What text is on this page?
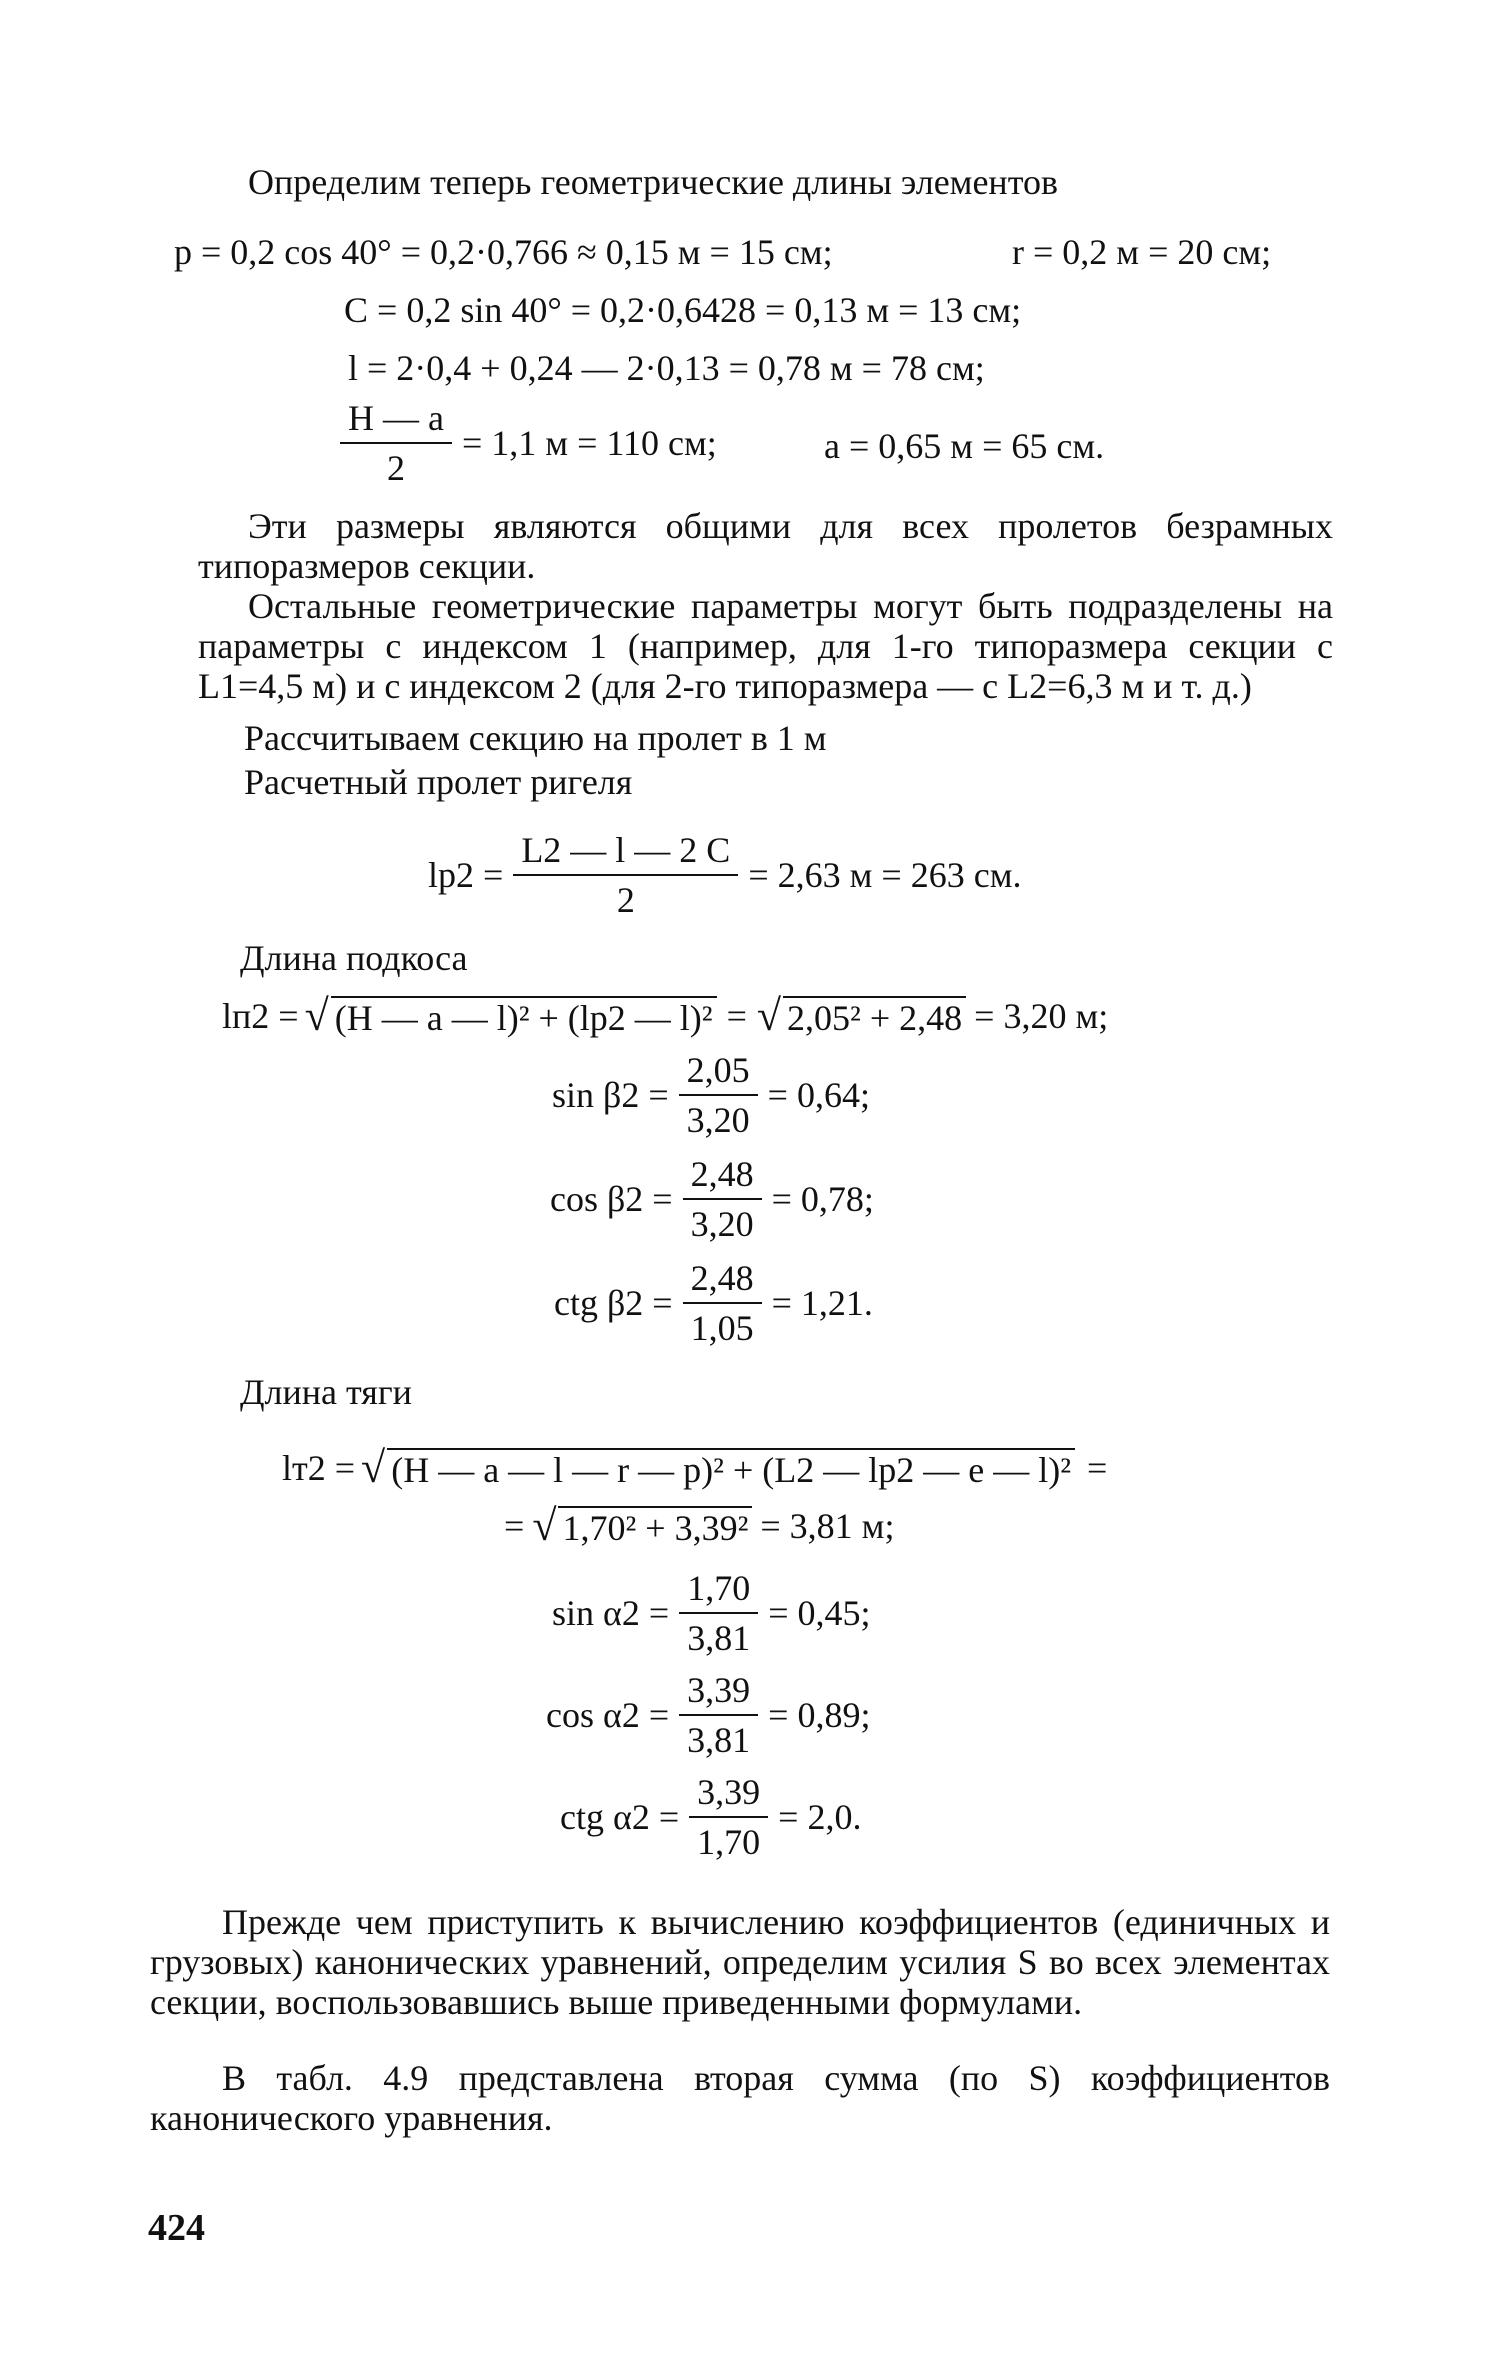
Определим теперь геометрические длины элементов
p = 0,2 cos 40° = 0,2·0,766 ≈ 0,15 м = 15 см;	r = 0,2 м = 20 см;
C = 0,2 sin 40° = 0,2·0,6428 = 0,13 м = 13 см;
l = 2·0,4 + 0,24 — 2·0,13 = 0,78 м = 78 см;
$\frac{H — a}{2} = 1,1$ м = 110 см;	a = 0,65 м = 65 см.
Эти размеры являются общими для всех пролетов безрамных типоразмеров секции.
Остальные геометрические параметры могут быть подразделены на параметры с индексом 1 (например, для 1-го типоразмера секции с L1=4,5 м) и с индексом 2 (для 2-го типоразмера — с L2=6,3 м и т. д.)
Рассчитываем секцию на пролет в 1 м
Расчетный пролет ригеля
$lp2 = \frac{L2 — l — 2 C}{2} = 2,63$ м = 263 см.
Длина подкоса
lп2 = √ (H — a — l)² + (lp2 — l)² = √ 2,05² + 2,48 = 3,20 м;
$\sin \beta 2 = \frac{2,05}{3,20} = 0,64$;
$\cos \beta 2 = \frac{2,48}{3,20} = 0,78$;
ctg $\beta 2 = \frac{2,48}{1,05} = 1,21$.
Длина тяги
lт2 = √ (H — a — l — r — p)² + (L2 — lp2 — e — l)² =
= √ 1,70² + 3,39² = 3,81 м;
$\sin \alpha 2 = \frac{1,70}{3,81} = 0,45$;
$\cos \alpha 2 = \frac{3,39}{3,81} = 0,89$;
ctg $\alpha 2 = \frac{3,39}{1,70} = 2,0$.
Прежде чем приступить к вычислению коэффициентов (единичных и грузовых) канонических уравнений, определим усилия S во всех элементах секции, воспользовавшись выше приведенными формулами.
В табл. 4.9 представлена вторая сумма (по S) коэффициентов канонического уравнения.
424
